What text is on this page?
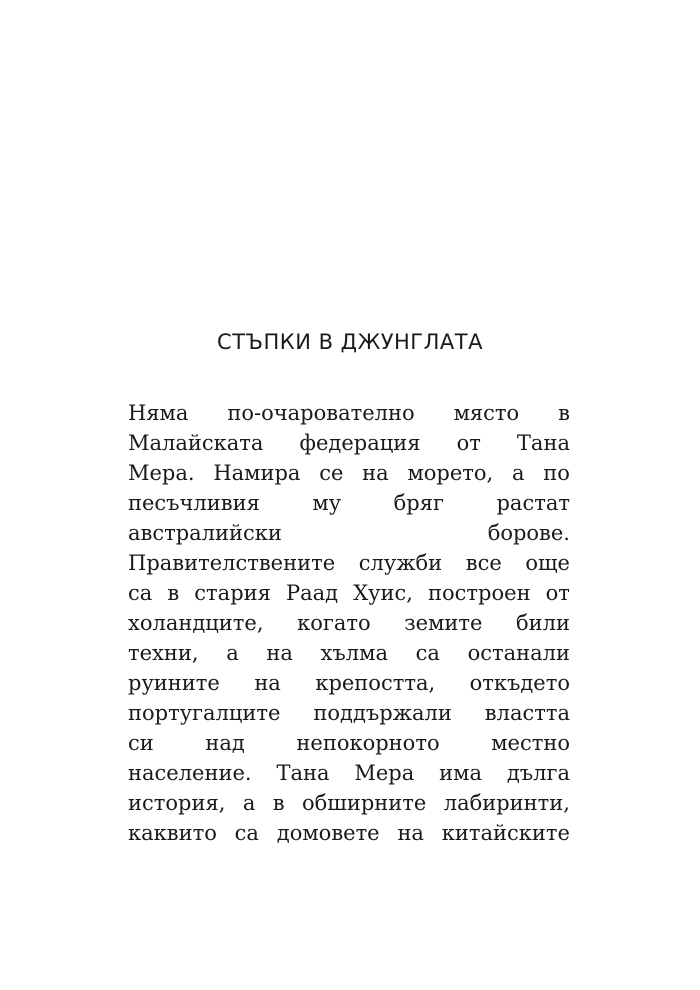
СТЪПКИ В ДЖУНГЛАТА
Няма по-очарователно място в
Малайската федерация от Тана
Мера. Намира се на морето, а по
песъчливия	му	бряг	растат
австралийски	борове.
Правителствените служби все още
са в стария Раад Хуис, построен от
холандците, когато земите били
техни, а на хълма са останали
руините на крепостта, откъдето
португалците поддържали властта
си над непокорното местно
население. Тана Мера има дълга
история, а в обширните лабиринти,
каквито са домовете на китайските
